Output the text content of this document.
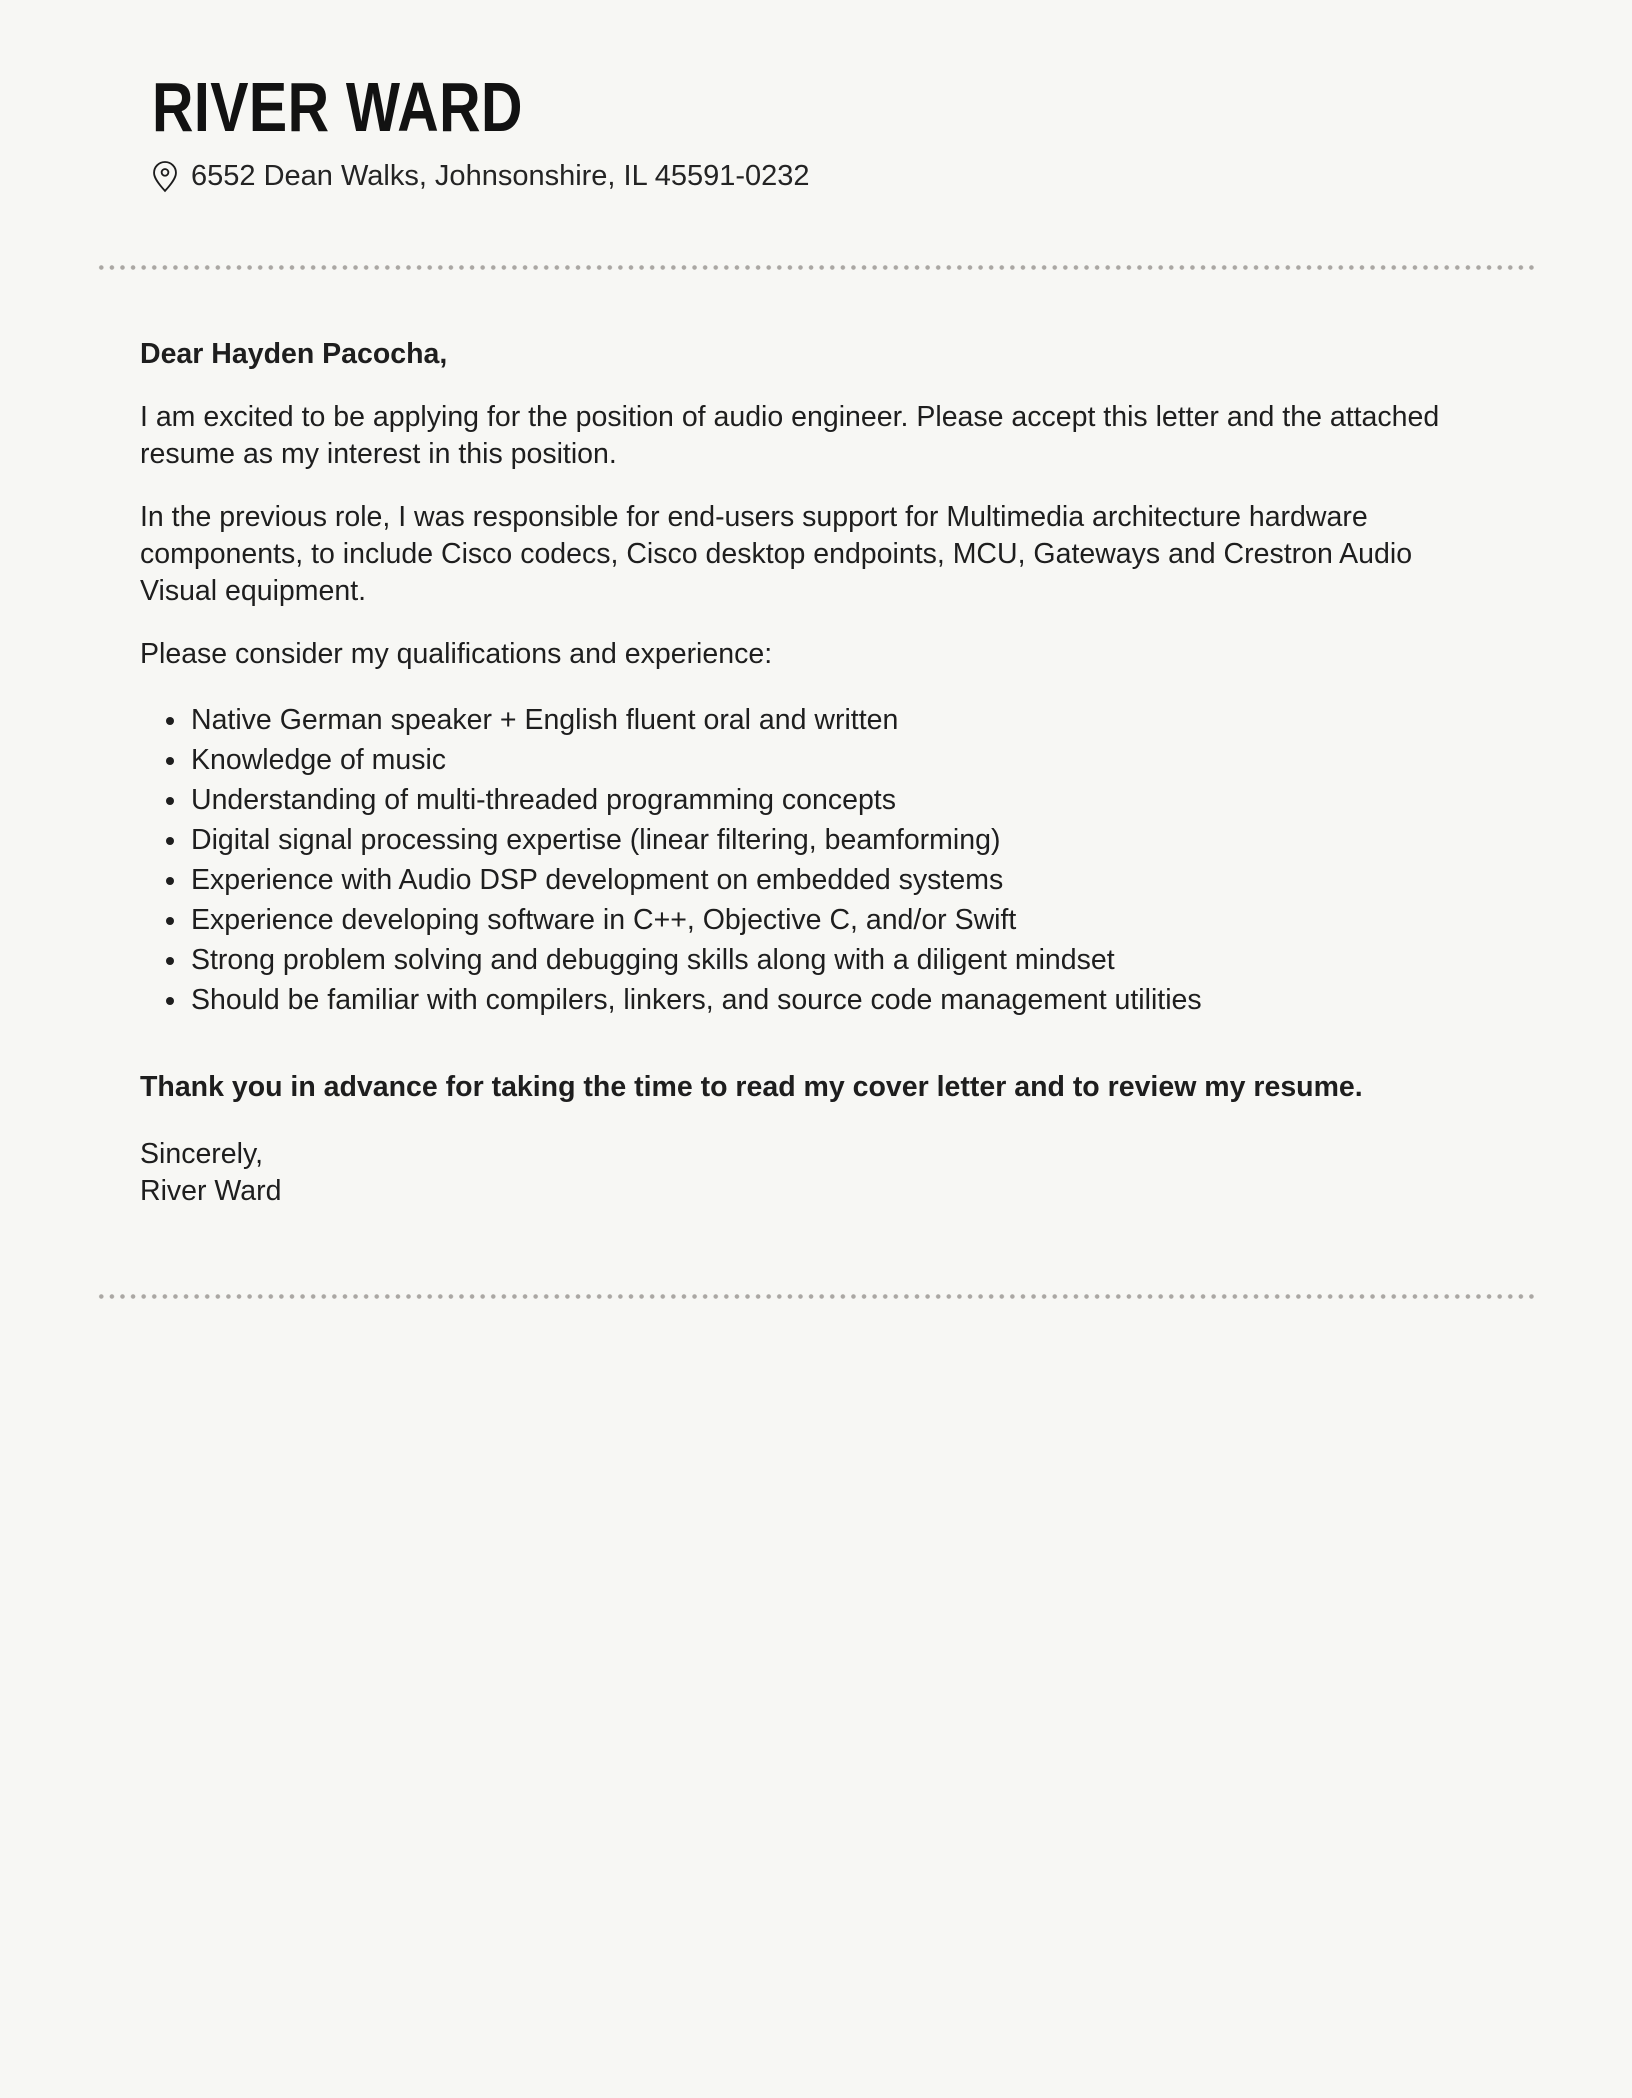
RIVER WARD
6552 Dean Walks, Johnsonshire, IL 45591-0232

Dear Hayden Pacocha,

I am excited to be applying for the position of audio engineer. Please accept this letter and the attached resume as my interest in this position.

In the previous role, I was responsible for end-users support for Multimedia architecture hardware components, to include Cisco codecs, Cisco desktop endpoints, MCU, Gateways and Crestron Audio Visual equipment.

Please consider my qualifications and experience:

• Native German speaker + English fluent oral and written
• Knowledge of music
• Understanding of multi-threaded programming concepts
• Digital signal processing expertise (linear filtering, beamforming)
• Experience with Audio DSP development on embedded systems
• Experience developing software in C++, Objective C, and/or Swift
• Strong problem solving and debugging skills along with a diligent mindset
• Should be familiar with compilers, linkers, and source code management utilities

Thank you in advance for taking the time to read my cover letter and to review my resume.

Sincerely,
River Ward
